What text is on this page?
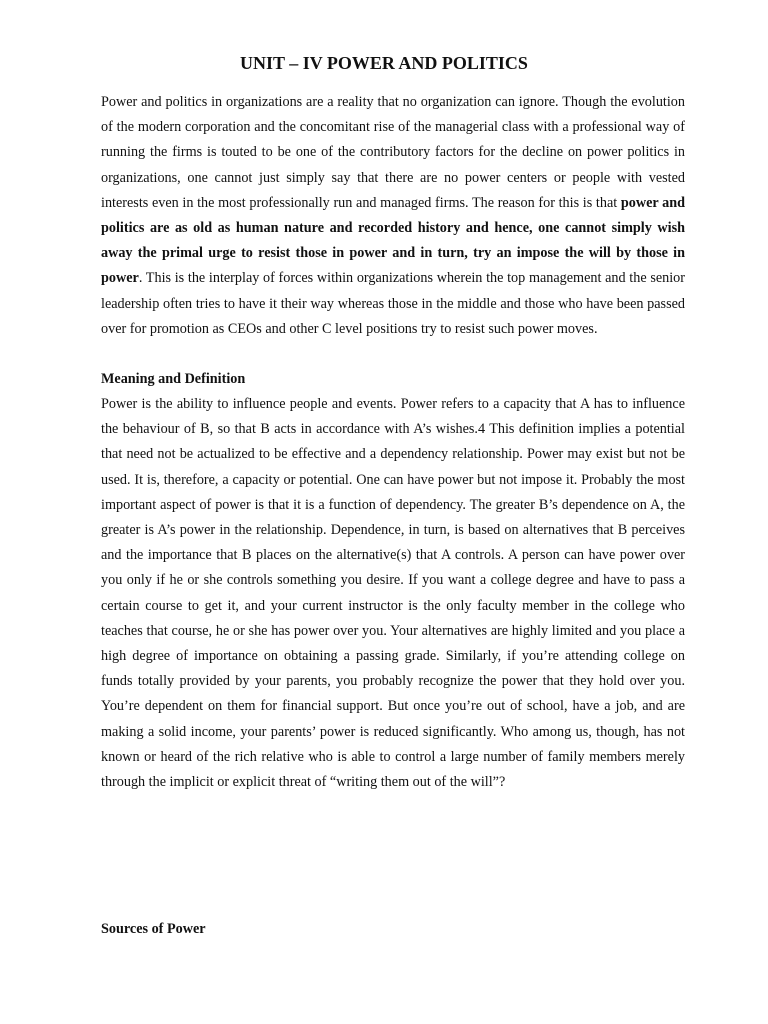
UNIT – IV POWER AND POLITICS

Power and politics in organizations are a reality that no organization can ignore. Though the evolution of the modern corporation and the concomitant rise of the managerial class with a professional way of running the firms is touted to be one of the contributory factors for the decline on power politics in organizations, one cannot just simply say that there are no power centers or people with vested interests even in the most professionally run and managed firms. The reason for this is that power and politics are as old as human nature and recorded history and hence, one cannot simply wish away the primal urge to resist those in power and in turn, try an impose the will by those in power. This is the interplay of forces within organizations wherein the top management and the senior leadership often tries to have it their way whereas those in the middle and those who have been passed over for promotion as CEOs and other C level positions try to resist such power moves.

Meaning and Definition

Power is the ability to influence people and events. Power refers to a capacity that A has to influence the behaviour of B, so that B acts in accordance with A’s wishes.4 This definition implies a potential that need not be actualized to be effective and a dependency relationship. Power may exist but not be used. It is, therefore, a capacity or potential. One can have power but not impose it. Probably the most important aspect of power is that it is a function of dependency. The greater B’s dependence on A, the greater is A’s power in the relationship. Dependence, in turn, is based on alternatives that B perceives and the importance that B places on the alternative(s) that A controls. A person can have power over you only if he or she controls something you desire. If you want a college degree and have to pass a certain course to get it, and your current instructor is the only faculty member in the college who teaches that course, he or she has power over you. Your alternatives are highly limited and you place a high degree of importance on obtaining a passing grade. Similarly, if you’re attending college on funds totally provided by your parents, you probably recognize the power that they hold over you. You’re dependent on them for financial support. But once you’re out of school, have a job, and are making a solid income, your parents’ power is reduced significantly. Who among us, though, has not known or heard of the rich relative who is able to control a large number of family members merely through the implicit or explicit threat of “writing them out of the will”?

Sources of Power
